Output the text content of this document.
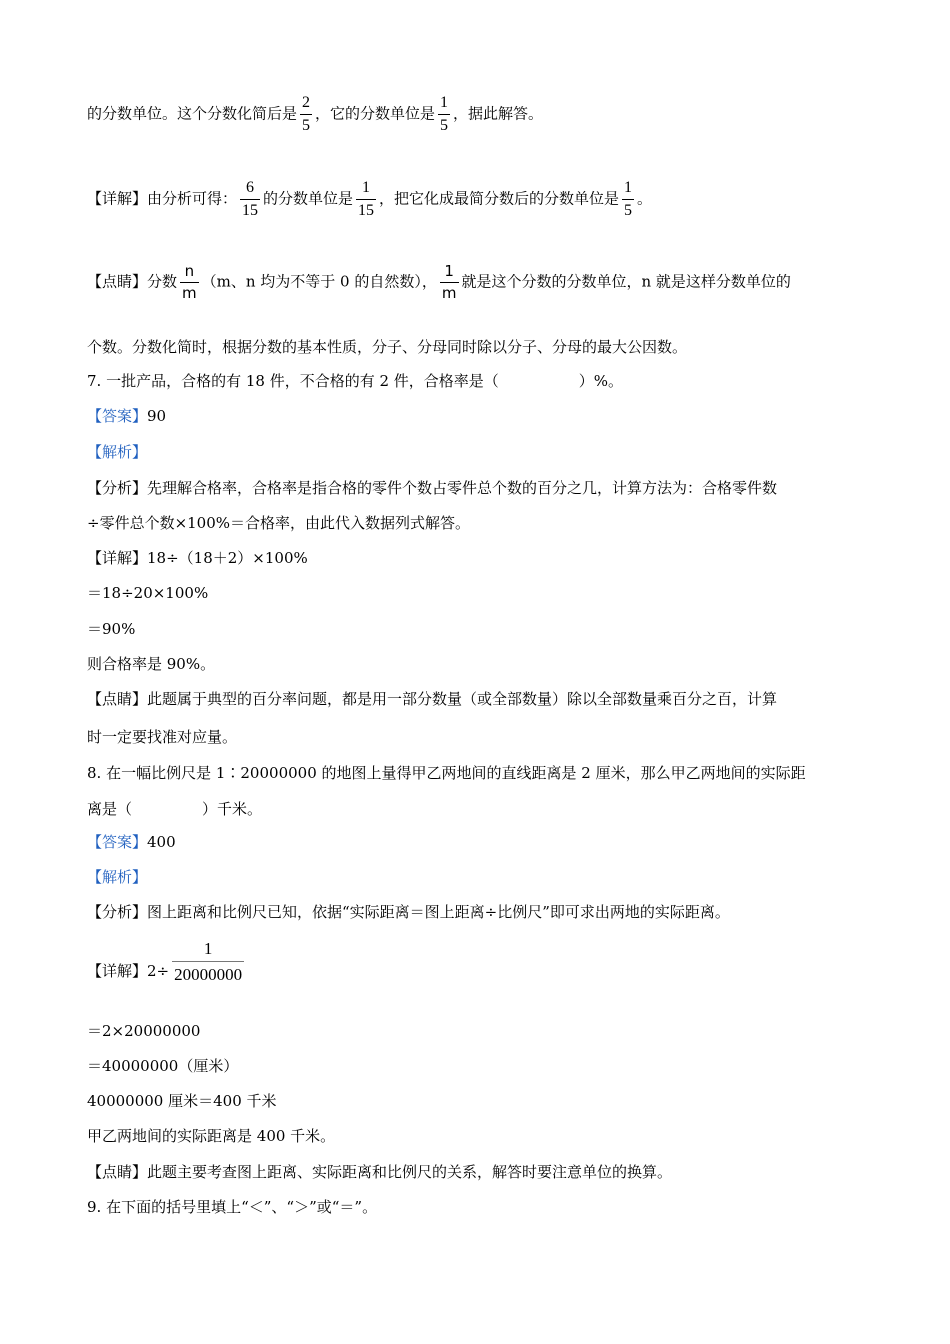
的分数单位。这个分数化简后是 $\frac{2}{5}$ ，它的分数单位是 $\frac{1}{5}$ ，据此解答。
【详解】由分析可得： $\frac{6}{15}$ 的分数单位是 $\frac{1}{15}$ ，把它化成最简分数后的分数单位是 $\frac{1}{5}$ 。
【点睛】分数 $\frac{n}{m} (m$、n 均为不等于 0 的自然数）， $\frac{1}{m}$ 就是这个分数的分数单位，n 就是这样分数单位的
个数。分数化简时，根据分数的基本性质，分子、分母同时除以分子、分母的最大公因数。
7. 一批产品，合格的有 18 件，不合格的有 2 件，合格率是（	）%。
【答案】90
【解析】
【分析】先理解合格率，合格率是指合格的零件个数占零件总个数的百分之几，计算方法为：合格零件数
÷零件总个数×100%＝合格率，由此代入数据列式解答。
【详解】18÷（18＋2）×100%
＝18÷20×100%
＝90%
则合格率是 90%。
【点睛】此题属于典型的百分率问题，都是用一部分数量（或全部数量）除以全部数量乘百分之百，计算
时一定要找准对应量。
8. 在一幅比例尺是 1∶20000000 的地图上量得甲乙两地间的直线距离是 2 厘米，那么甲乙两地间的实际距
离是（	）千米。
【答案】400
【解析】
【分析】图上距离和比例尺已知，依据“实际距离＝图上距离÷比例尺”即可求出两地的实际距离。
【详解】$2\div \frac{1}{20000000}$
＝2×20000000
＝40000000（厘米）
40000000 厘米＝400 千米
甲乙两地间的实际距离是 400 千米。
【点睛】此题主要考查图上距离、实际距离和比例尺的关系，解答时要注意单位的换算。
9. 在下面的括号里填上“＜”、“＞”或“＝”。
